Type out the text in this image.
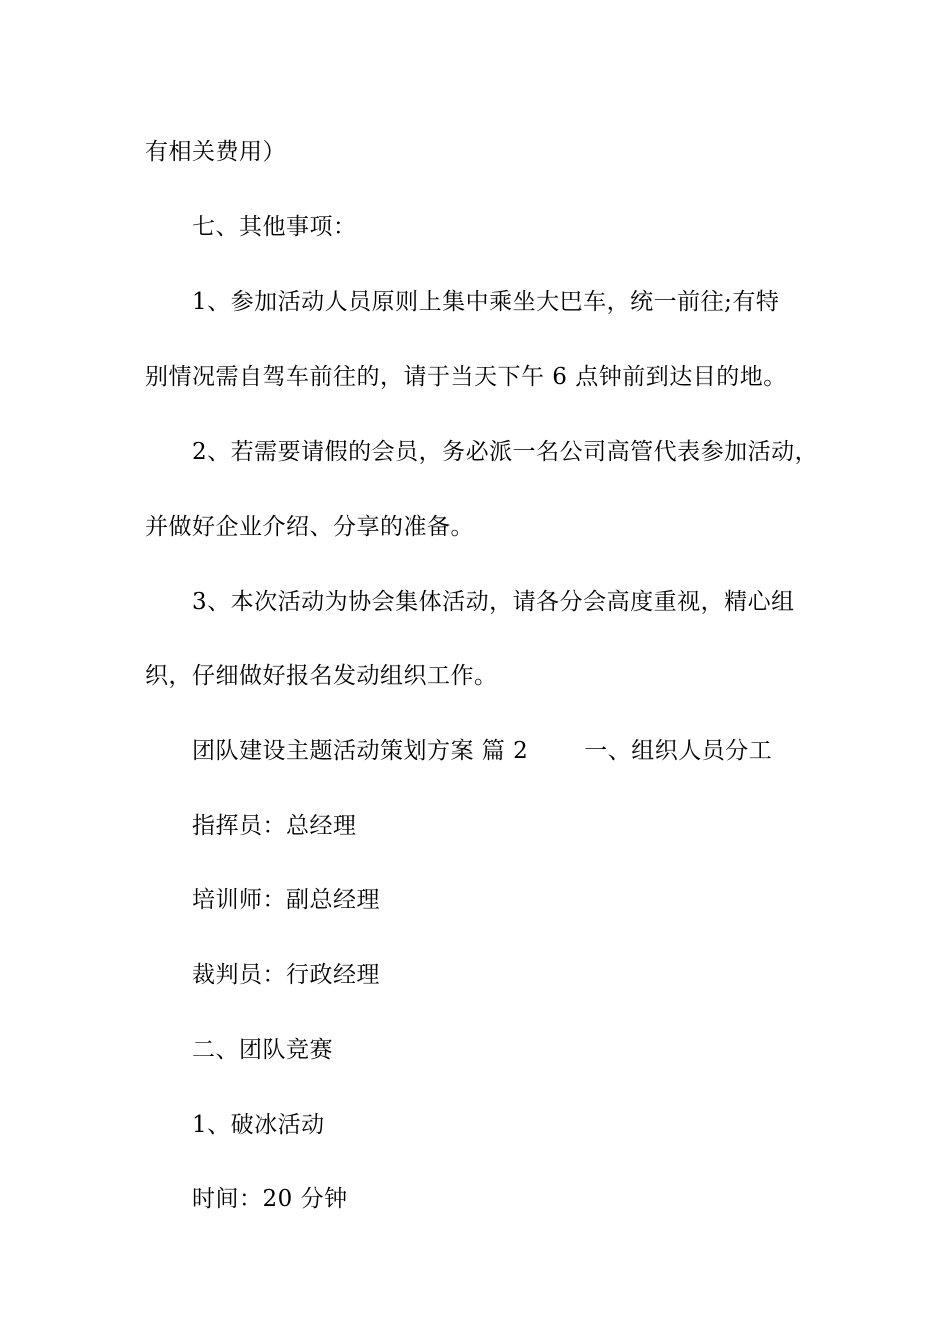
有相关费用）
七、其他事项：
1、参加活动人员原则上集中乘坐大巴车，统一前往;有特
别情况需自驾车前往的，请于当天下午 6 点钟前到达目的地。
2、若需要请假的会员，务必派一名公司高管代表参加活动，
并做好企业介绍、分享的准备。
3、本次活动为协会集体活动，请各分会高度重视，精心组
织，仔细做好报名发动组织工作。
团队建设主题活动策划方案 篇 2 一、组织人员分工
指挥员：总经理
培训师：副总经理
裁判员：行政经理
二、团队竞赛
1、破冰活动
时间：20 分钟
